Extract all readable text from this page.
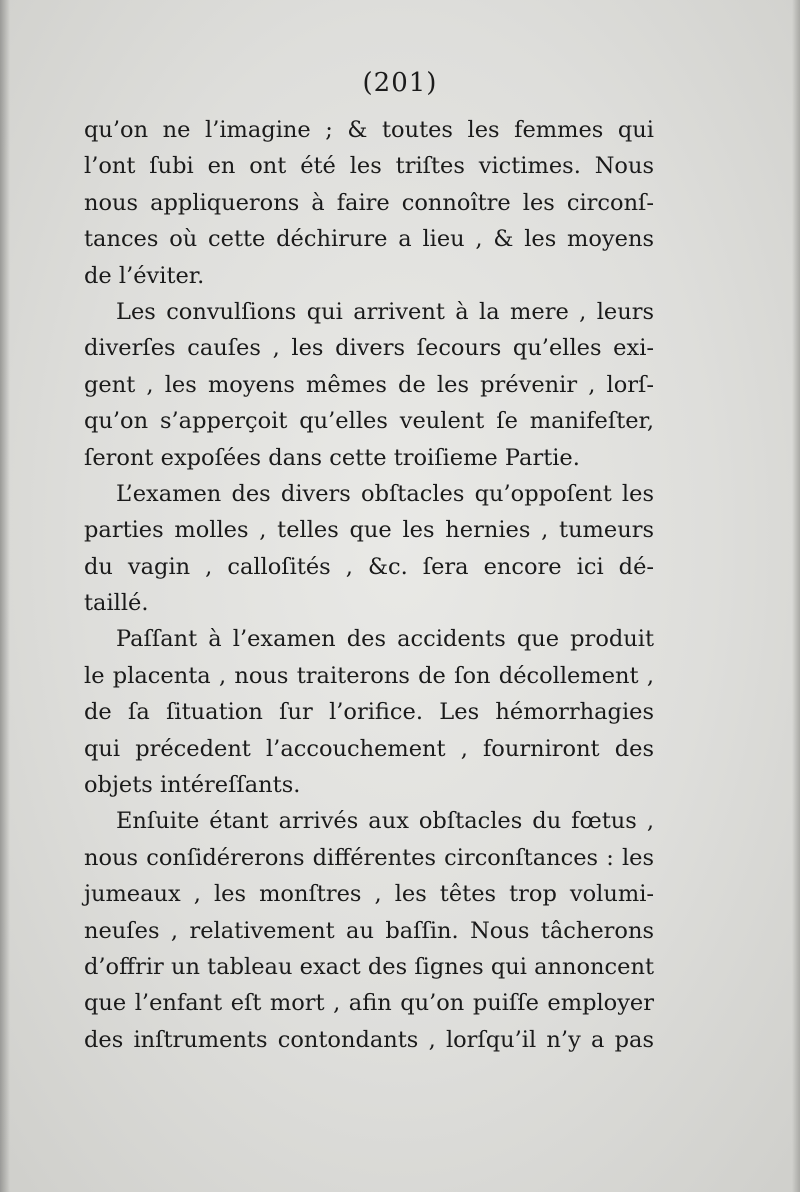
(201)
qu’on ne l’imagine ; & toutes les femmes qui
l’ont ſubi en ont été les triſtes victimes. Nous
nous appliquerons à faire connoître les circonſ-
tances où cette déchirure a lieu , & les moyens
de l’éviter.
Les convulſions qui arrivent à la mere , leurs
diverſes cauſes , les divers ſecours qu’elles exi-
gent , les moyens mêmes de les prévenir , lorſ-
qu’on s’apperçoit qu’elles veulent ſe manifeſter,
ſeront expoſées dans cette troiſieme Partie.
L’examen des divers obſtacles qu’oppoſent les
parties molles , telles que les hernies , tumeurs
du vagin , calloſités , &c. ſera encore ici dé-
taillé.
Paſſant à l’examen des accidents que produit
le placenta , nous traiterons de ſon décollement ,
de ſa ſituation ſur l’orifice. Les hémorrhagies
qui précedent l’accouchement , fourniront des
objets intéreſſants.
Enſuite étant arrivés aux obſtacles du fœtus ,
nous conſidérerons différentes circonſtances : les
jumeaux , les monſtres , les têtes trop volumi-
neuſes , relativement au baſſin. Nous tâcherons
d’offrir un tableau exact des ſignes qui annoncent
que l’enfant eſt mort , afin qu’on puiſſe employer
des inſtruments contondants , lorſqu’il n’y a pas
